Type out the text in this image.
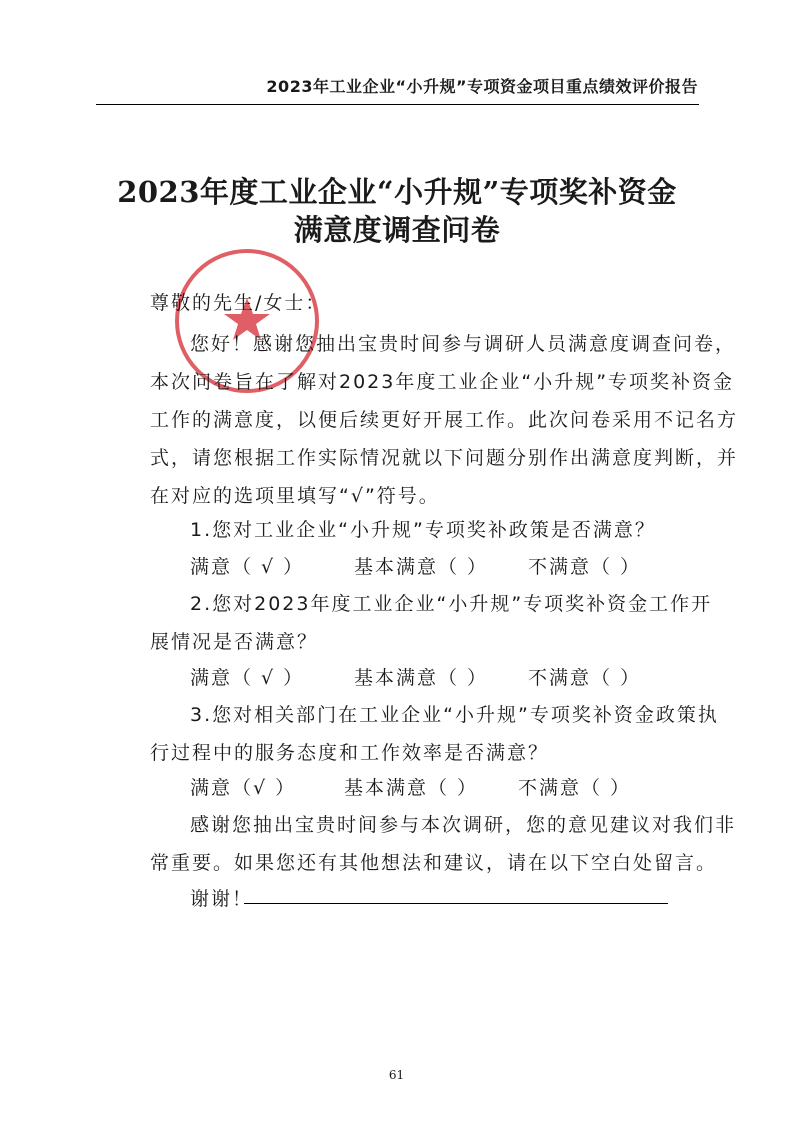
2023年工业企业“小升规”专项资金项目重点绩效评价报告
2023年度工业企业“小升规”专项奖补资金
满意度调查问卷
尊敬的先生/女士：
您好！感谢您抽出宝贵时间参与调研人员满意度调查问卷，
本次问卷旨在了解对2023年度工业企业“小升规”专项奖补资金
工作的满意度，以便后续更好开展工作。此次问卷采用不记名方
式，请您根据工作实际情况就以下问题分别作出满意度判断，并
在对应的选项里填写“√”符号。
1.您对工业企业“小升规”专项奖补政策是否满意？
满意（ √ ）	基本满意（ ） 不满意（ ）
2.您对2023年度工业企业“小升规”专项奖补资金工作开
展情况是否满意？
满意（ √ ）	基本满意（ ） 不满意（ ）
3.您对相关部门在工业企业“小升规”专项奖补资金政策执
行过程中的服务态度和工作效率是否满意？
满意（√ ）	基本满意（ ） 不满意（ ）
感谢您抽出宝贵时间参与本次调研，您的意见建议对我们非
常重要。如果您还有其他想法和建议，请在以下空白处留言。
谢谢！
61
